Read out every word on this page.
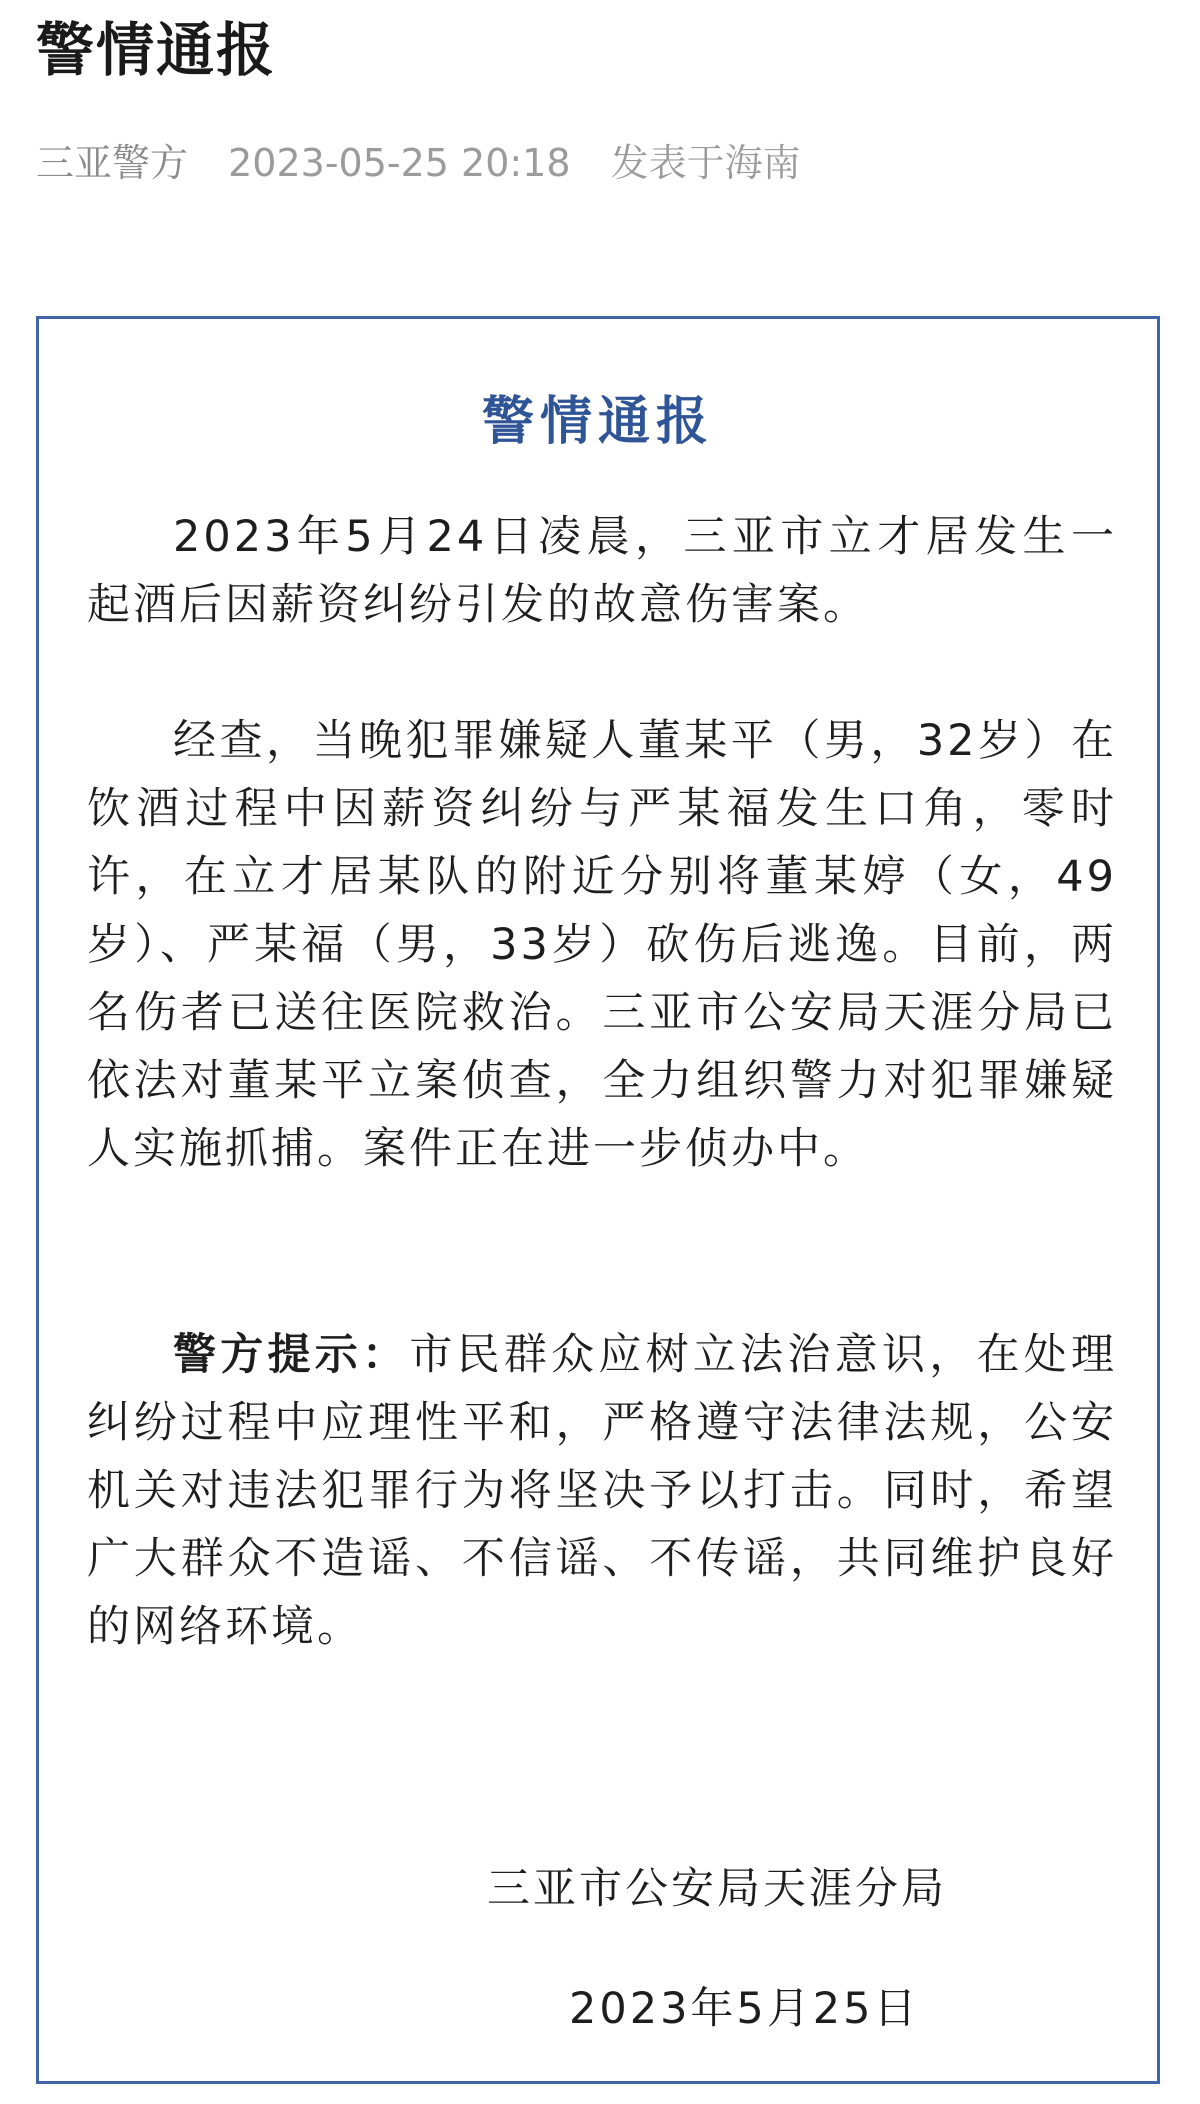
警情通报
三亚警方 2023-05-25 20:18 发表于海南
警情通报

2023年5月24日凌晨，三亚市立才居发生一起酒后因薪资纠纷引发的故意伤害案。

经查，当晚犯罪嫌疑人董某平（男，32岁）在饮酒过程中因薪资纠纷与严某福发生口角，零时许，在立才居某队的附近分别将董某婷（女，49岁）、严某福（男，33岁）砍伤后逃逸。目前，两名伤者已送往医院救治。三亚市公安局天涯分局已依法对董某平立案侦查，全力组织警力对犯罪嫌疑人实施抓捕。案件正在进一步侦办中。

警方提示：市民群众应树立法治意识，在处理纠纷过程中应理性平和，严格遵守法律法规，公安机关对违法犯罪行为将坚决予以打击。同时，希望广大群众不造谣、不信谣、不传谣，共同维护良好的网络环境。

三亚市公安局天涯分局
2023年5月25日
